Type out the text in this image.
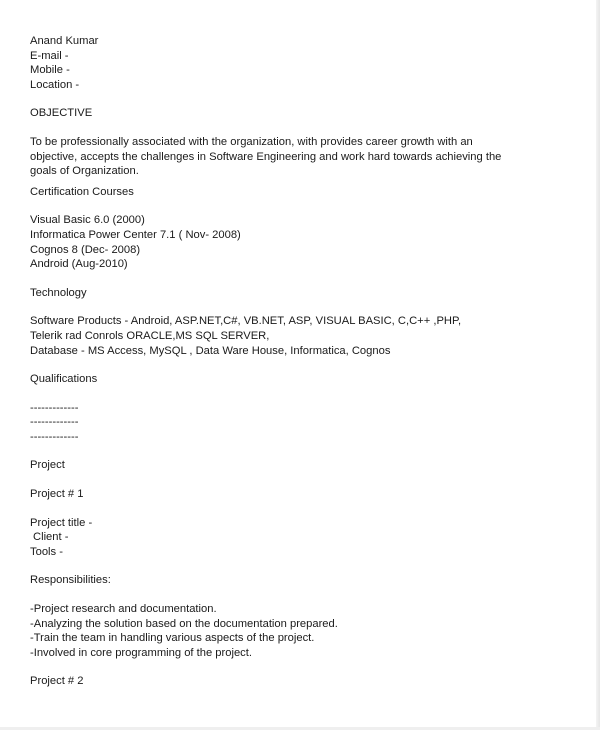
Anand Kumar
E-mail -
Mobile -
Location -
OBJECTIVE
To be professionally associated with the organization, with provides career growth with an
objective, accepts the challenges in Software Engineering and work hard towards achieving the
goals of Organization.
Certification Courses
Visual Basic 6.0 (2000)
Informatica Power Center 7.1 ( Nov- 2008)
Cognos 8 (Dec- 2008)
Android (Aug-2010)
Technology
Software Products - Android, ASP.NET,C#, VB.NET, ASP, VISUAL BASIC, C,C++ ,PHP,
Telerik rad Conrols ORACLE,MS SQL SERVER,
Database - MS Access, MySQL , Data Ware House, Informatica, Cognos
Qualifications
-------------
-------------
-------------
Project
Project # 1
Project title -
Client -
Tools -
Responsibilities:
-Project research and documentation.
-Analyzing the solution based on the documentation prepared.
-Train the team in handling various aspects of the project.
-Involved in core programming of the project.
Project # 2
